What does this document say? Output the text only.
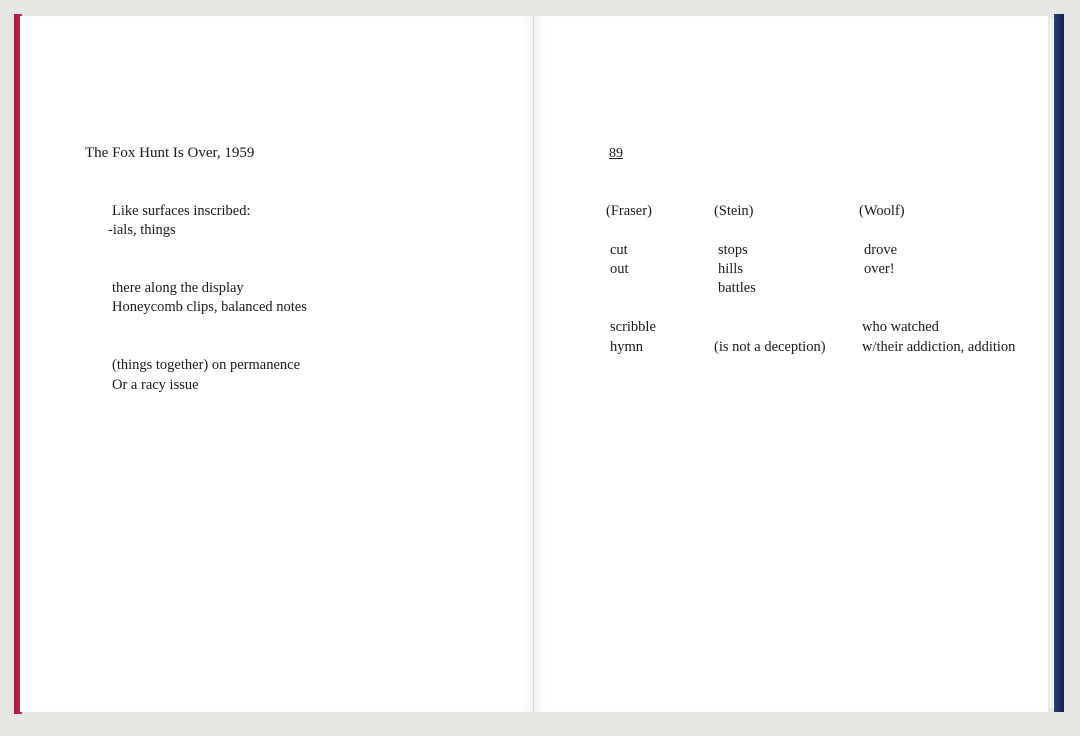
The Fox Hunt Is Over, 1959

Like surfaces inscribed:

-ials, things

there along the display

Honeycomb clips, balanced notes

(things together) on permanence

Or a racy issue

89

(Fraser)

cut

out

scribble

hymn

(Stein)

stops

hills

battles

(is not a deception)

(Woolf)

drove

over!

who watched

w/their addiction, addition
